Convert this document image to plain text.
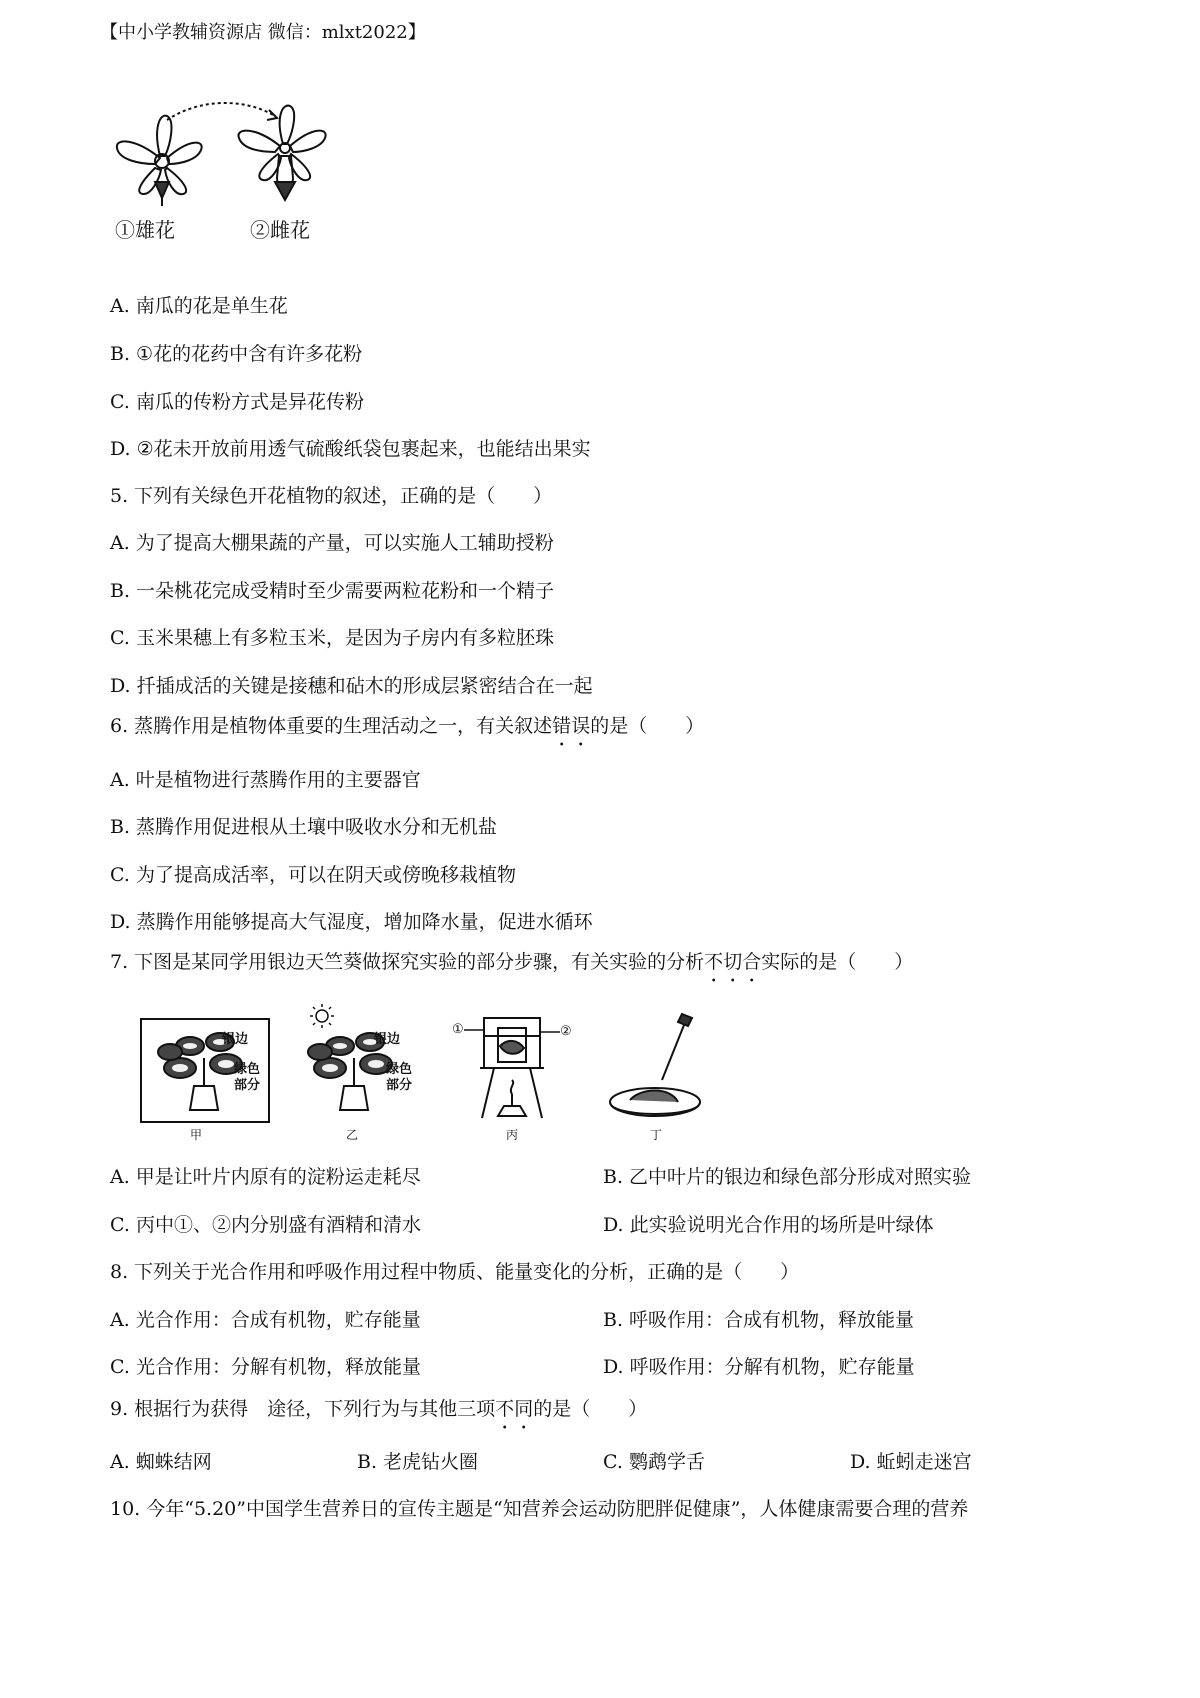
【中小学教辅资源店 微信：mlxt2022】
①雄花	②雌花
A. 南瓜的花是单生花
B. ①花的花药中含有许多花粉
C. 南瓜的传粉方式是异花传粉
D. ②花未开放前用透气硫酸纸袋包裹起来，也能结出果实
5. 下列有关绿色开花植物的叙述，正确的是（　　）
A. 为了提高大棚果蔬的产量，可以实施人工辅助授粉
B. 一朵桃花完成受精时至少需要两粒花粉和一个精子
C. 玉米果穗上有多粒玉米，是因为子房内有多粒胚珠
D. 扦插成活的关键是接穗和砧木的形成层紧密结合在一起
6. 蒸腾作用是植物体重要的生理活动之一，有关叙述错误的是（　　）
A. 叶是植物进行蒸腾作用的主要器官
B. 蒸腾作用促进根从土壤中吸收水分和无机盐
C. 为了提高成活率，可以在阴天或傍晚移栽植物
D. 蒸腾作用能够提高大气湿度，增加降水量，促进水循环
7. 下图是某同学用银边天竺葵做探究实验的部分步骤，有关实验的分析不切合实际的是（　　）
银边
绿色
部分
甲
银边
绿色
部分
乙
①	②
丙	丁
A. 甲是让叶片内原有的淀粉运走耗尽	B. 乙中叶片的银边和绿色部分形成对照实验
C. 丙中①、②内分别盛有酒精和清水	D. 此实验说明光合作用的场所是叶绿体
8. 下列关于光合作用和呼吸作用过程中物质、能量变化的分析，正确的是（　　）
A. 光合作用：合成有机物，贮存能量	B. 呼吸作用：合成有机物，释放能量
C. 光合作用：分解有机物，释放能量	D. 呼吸作用：分解有机物，贮存能量
9. 根据行为获得　途径，下列行为与其他三项不同的是（　　）
A. 蜘蛛结网	B. 老虎钻火圈	C. 鹦鹉学舌	D. 蚯蚓走迷宫
10. 今年“5.20”中国学生营养日的宣传主题是“知营养会运动防肥胖促健康”，人体健康需要合理的营养
